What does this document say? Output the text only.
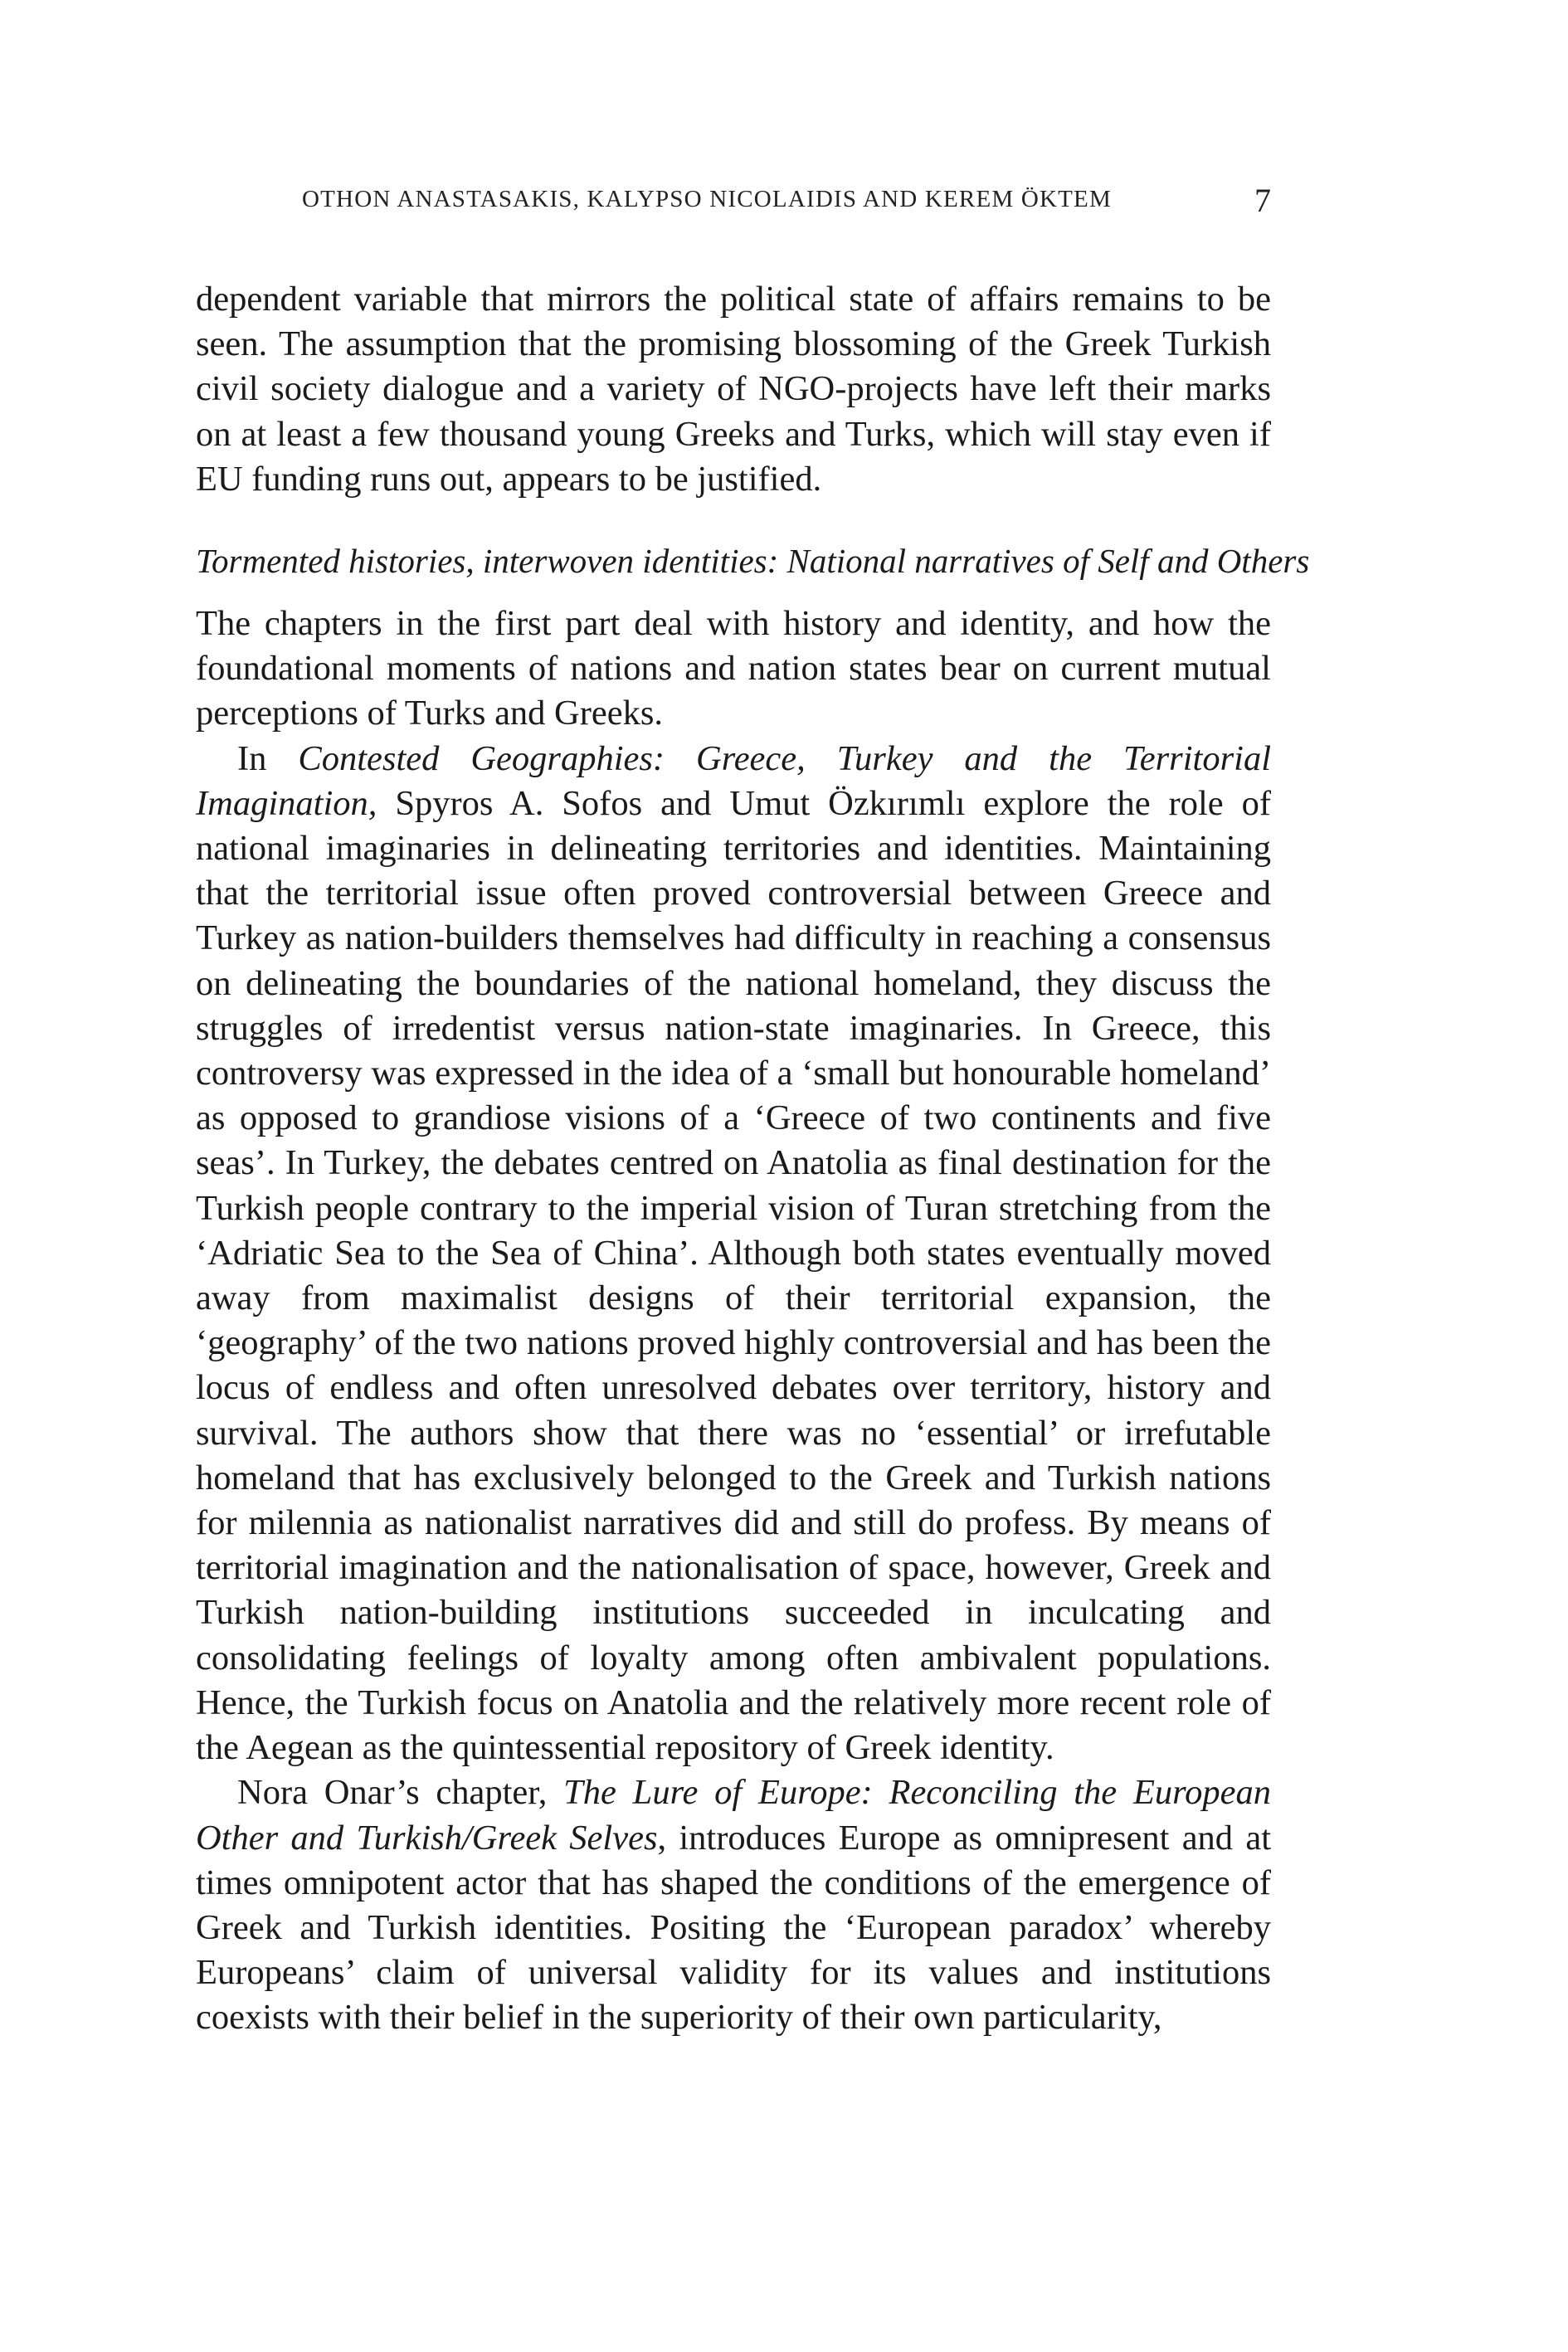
OTHON ANASTASAKIS, KALYPSO NICOLAIDIS AND KEREM ÖKTEM	7

dependent variable that mirrors the political state of affairs remains to be seen. The assumption that the promising blossoming of the Greek Turkish civil society dialogue and a variety of NGO-projects have left their marks on at least a few thousand young Greeks and Turks, which will stay even if EU funding runs out, appears to be justified.

Tormented histories, interwoven identities: National narratives of Self and Others

The chapters in the first part deal with history and identity, and how the foundational moments of nations and nation states bear on current mutual perceptions of Turks and Greeks.

In Contested Geographies: Greece, Turkey and the Territorial Imagination, Spyros A. Sofos and Umut Özkırımlı explore the role of national imaginaries in delineating territories and identities. Maintaining that the territorial issue often proved controversial between Greece and Turkey as nation-builders themselves had difficulty in reaching a consensus on delineating the boundaries of the national homeland, they discuss the struggles of irredentist versus nation-state imaginaries. In Greece, this controversy was expressed in the idea of a ‘small but honourable homeland’ as opposed to grandiose visions of a ‘Greece of two continents and five seas’. In Turkey, the debates centred on Anatolia as final destination for the Turkish people contrary to the imperial vision of Turan stretching from the ‘Adriatic Sea to the Sea of China’. Although both states eventually moved away from maximalist designs of their territorial expansion, the ‘geography’ of the two nations proved highly controversial and has been the locus of endless and often unresolved debates over territory, history and survival. The authors show that there was no ‘essential’ or irrefutable homeland that has exclusively belonged to the Greek and Turkish nations for milennia as nationalist narratives did and still do profess. By means of territorial imagination and the nationalisation of space, however, Greek and Turkish nation-building institutions succeeded in inculcating and consolidating feelings of loyalty among often ambivalent populations. Hence, the Turkish focus on Anatolia and the relatively more recent role of the Aegean as the quintessential repository of Greek identity.

Nora Onar’s chapter, The Lure of Europe: Reconciling the European Other and Turkish/Greek Selves, introduces Europe as omnipresent and at times omnipotent actor that has shaped the conditions of the emergence of Greek and Turkish identities. Positing the ‘European paradox’ whereby Europeans’ claim of universal validity for its values and institutions coexists with their belief in the superiority of their own particularity,
